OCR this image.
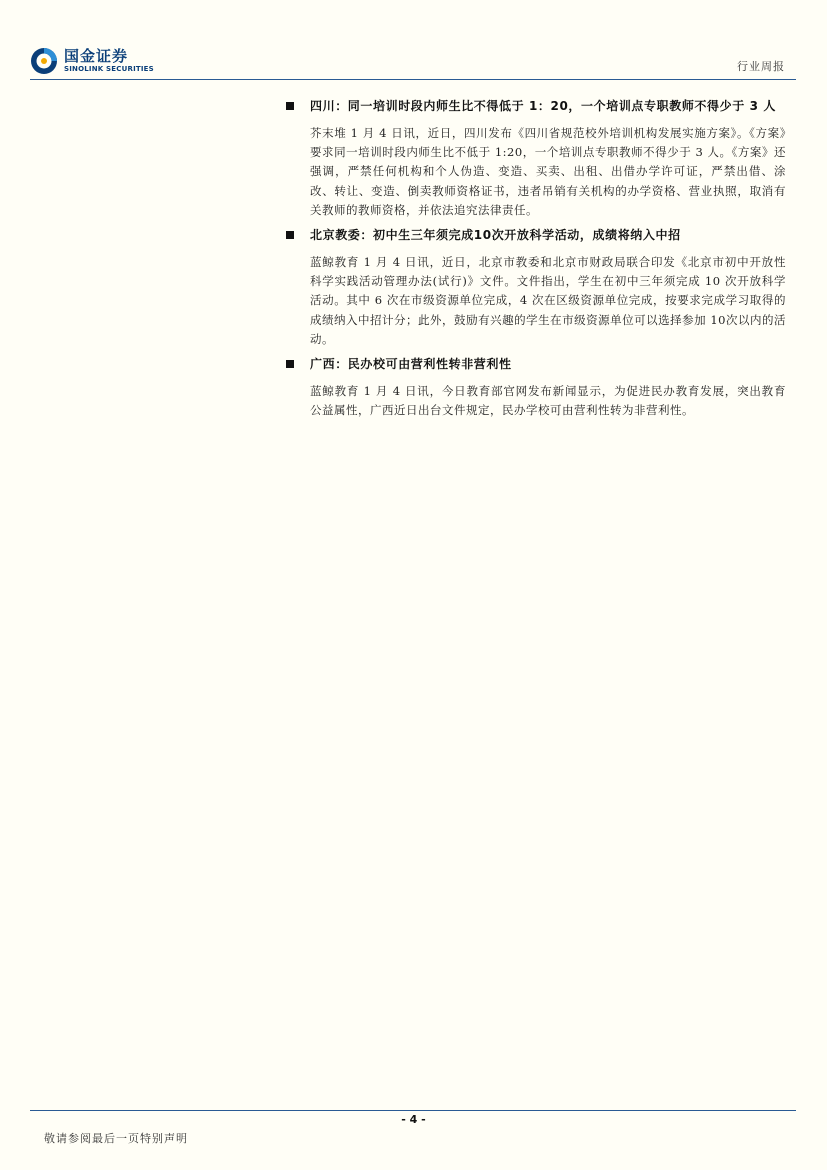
国金证券
SINOLINK SECURITIES	行业周报
四川：同一培训时段内师生比不得低于 1：20，一个培训点专职教师不得少于 3 人
芥末堆 1 月 4 日讯，近日，四川发布《四川省规范校外培训机构发展实施方案》。《方案》要求同一培训时段内师生比不低于 1:20，一个培训点专职教师不得少于 3 人。《方案》还强调，严禁任何机构和个人伪造、变造、买卖、出租、出借办学许可证，严禁出借、涂改、转让、变造、倒卖教师资格证书，违者吊销有关机构的办学资格、营业执照，取消有关教师的教师资格，并依法追究法律责任。
北京教委：初中生三年须完成10次开放科学活动，成绩将纳入中招
蓝鲸教育 1 月 4 日讯，近日，北京市教委和北京市财政局联合印发《北京市初中开放性科学实践活动管理办法(试行)》文件。文件指出，学生在初中三年须完成 10 次开放科学活动。其中 6 次在市级资源单位完成，4 次在区级资源单位完成，按要求完成学习取得的成绩纳入中招计分；此外，鼓励有兴趣的学生在市级资源单位可以选择参加 10次以内的活动。
广西：民办校可由营利性转非营利性
蓝鲸教育 1 月 4 日讯，今日教育部官网发布新闻显示，为促进民办教育发展，突出教育公益属性，广西近日出台文件规定，民办学校可由营利性转为非营利性。
- 4 -
敬请参阅最后一页特别声明
